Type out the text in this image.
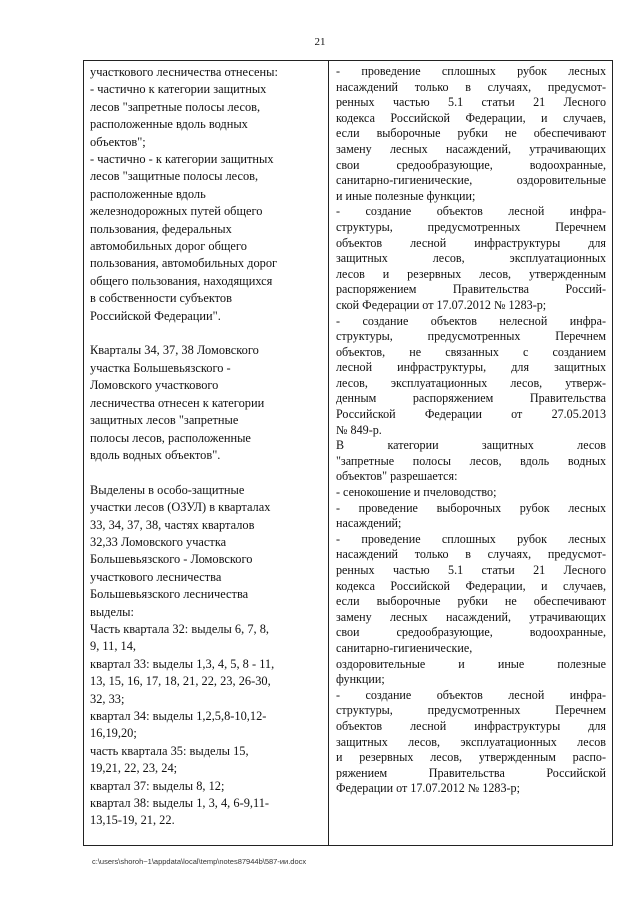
21
участкового лесничества отнесены:
- частично к категории защитных
лесов "запретные полосы лесов,
расположенные вдоль водных
объектов";
- частично - к категории защитных
лесов "защитные полосы лесов,
расположенные вдоль
железнодорожных путей общего
пользования, федеральных
автомобильных дорог общего
пользования, автомобильных дорог
общего пользования, находящихся
в собственности субъектов
Российской Федерации".
Кварталы 34, 37, 38 Ломовского
участка Большевьязского -
Ломовского участкового
лесничества отнесен к категории
защитных лесов "запретные
полосы лесов, расположенные
вдоль водных объектов".
Выделены в особо-защитные
участки лесов (ОЗУЛ) в кварталах
33, 34, 37, 38, частях кварталов
32,33 Ломовского участка
Большевьязского - Ломовского
участкового лесничества
Большевьязского лесничества
выделы:
Часть квартала 32: выделы 6, 7, 8,
9, 11, 14,
квартал 33: выделы 1,3, 4, 5, 8 - 11,
13, 15, 16, 17, 18, 21, 22, 23, 26-30,
32, 33;
квартал 34: выделы 1,2,5,8-10,12-
16,19,20;
часть квартала 35: выделы 15,
19,21, 22, 23, 24;
квартал 37: выделы 8, 12;
квартал 38: выделы 1, 3, 4, 6-9,11-
13,15-19, 21, 22.
- проведение сплошных рубок лесных
насаждений только в случаях, предусмот-
ренных частью 5.1 статьи 21 Лесного
кодекса Российской Федерации, и случаев,
если выборочные рубки не обеспечивают
замену лесных насаждений, утрачивающих
свои средообразующие, водоохранные,
санитарно-гигиенические, оздоровительные
и иные полезные функции;
- создание объектов лесной инфра-
структуры, предусмотренных Перечнем
объектов лесной инфраструктуры для
защитных лесов, эксплуатационных
лесов и резервных лесов, утвержденным
распоряжением Правительства Россий-
ской Федерации от 17.07.2012 № 1283-р;
- создание объектов нелесной инфра-
структуры, предусмотренных Перечнем
объектов, не связанных с созданием
лесной инфраструктуры, для защитных
лесов, эксплуатационных лесов, утверж-
денным распоряжением Правительства
Российской Федерации от 27.05.2013
№ 849-р.
В категории защитных лесов
"запретные полосы лесов, вдоль водных
объектов" разрешается:
- сенокошение и пчеловодство;
- проведение выборочных рубок лесных
насаждений;
- проведение сплошных рубок лесных
насаждений только в случаях, предусмот-
ренных частью 5.1 статьи 21 Лесного
кодекса Российской Федерации, и случаев,
если выборочные рубки не обеспечивают
замену лесных насаждений, утрачивающих
свои средообразующие, водоохранные,
санитарно-гигиенические,
оздоровительные и иные полезные
функции;
- создание объектов лесной инфра-
структуры, предусмотренных Перечнем
объектов лесной инфраструктуры для
защитных лесов, эксплуатационных лесов
и резервных лесов, утвержденным распо-
ряжением Правительства Российской
Федерации от 17.07.2012 № 1283-р;
c:\users\shoroh~1\appdata\local\temp\notes87944b\587-ии.docx
